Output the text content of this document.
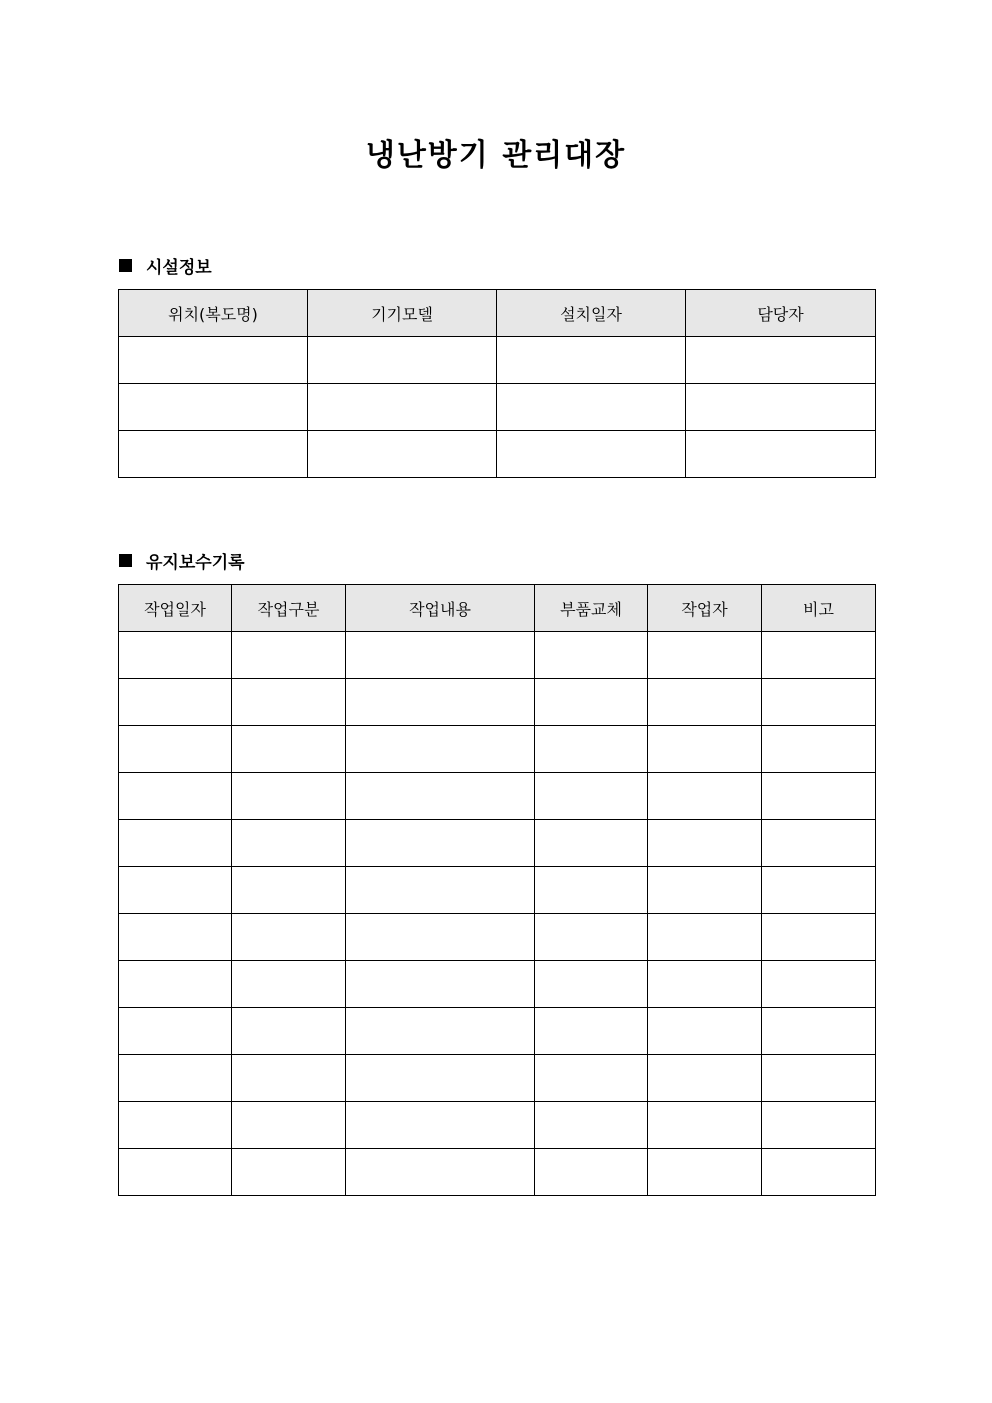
냉난방기 관리대장
시설정보
위치(복도명)	기기모델	설치일자	담당자

유지보수기록
작업일자	작업구분	작업내용	부품교체	작업자	비고
